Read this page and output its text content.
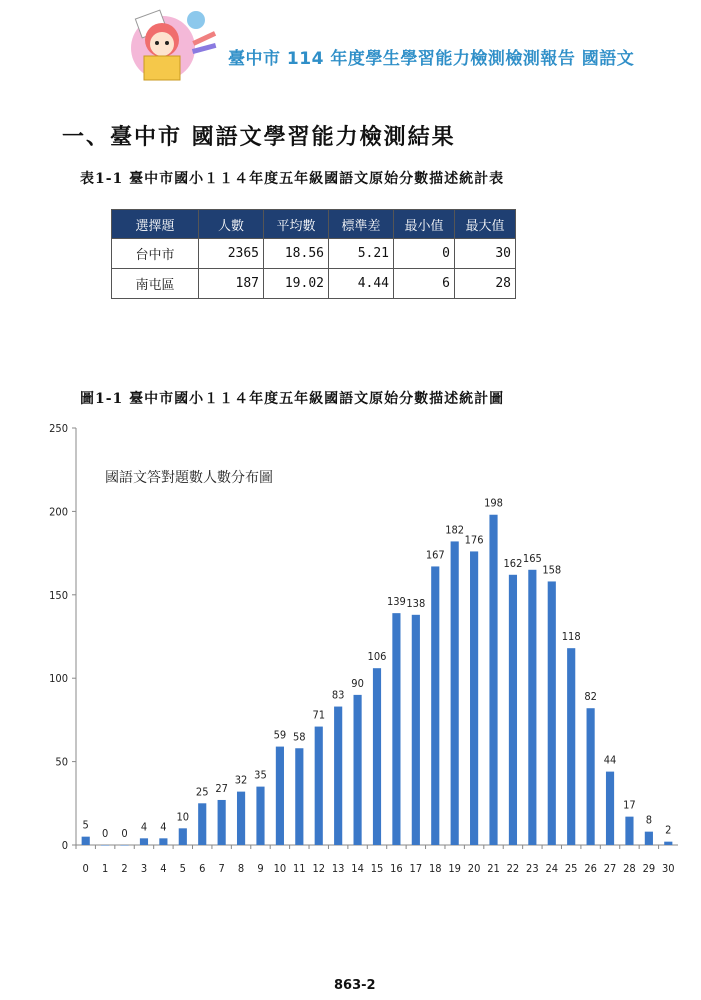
臺中市 114 年度學生學習能力檢測檢測報告 國語文
一、臺中市 國語文學習能力檢測結果
表1-1 臺中市國小１１４年度五年級國語文原始分數描述統計表
選擇題	人數	平均數	標準差	最小值	最大值
台中市	2365	18.56	5.21	0	30
南屯區	187	19.02	4.44	6	28
圖1-1 臺中市國小１１４年度五年級國語文原始分數描述統計圖
0
50
100
150
200
250
國語文答對題數人數分布圖
5
0
0
1
0
2
4
3
4
4
10
5
25
6
27
7
32
8
35
9
59
10
58
11
71
12
83
13
90
14
106
15
139
16
138
17
167
18
182
19
176
20
198
21
162
22
165
23
158
24
118
25
82
26
44
27
17
28
8
29
2
30
863-2
